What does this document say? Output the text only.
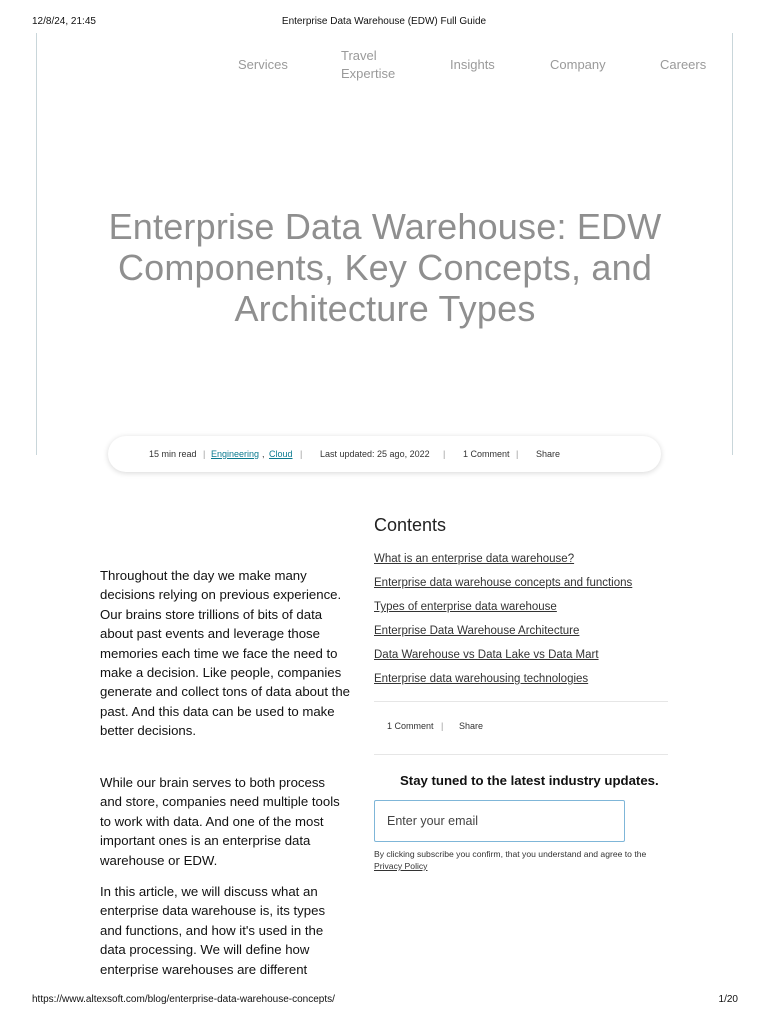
12/8/24, 21:45	Enterprise Data Warehouse (EDW) Full Guide
Services
Travel Expertise
Insights	Company	Careers
Enterprise Data Warehouse: EDW Components, Key Concepts, and Architecture Types
15 min read | Engineering , Cloud | Last updated: 25 ago, 2022 | 1 Comment | Share

Throughout the day we make many decisions relying on previous experience. Our brains store trillions of bits of data about past events and leverage those memories each time we face the need to make a decision. Like people, companies generate and collect tons of data about the past. And this data can be used to make better decisions.

While our brain serves to both process and store, companies need multiple tools to work with data. And one of the most important ones is an enterprise data warehouse or EDW.

In this article, we will discuss what an enterprise data warehouse is, its types and functions, and how it's used in the data processing. We will define how enterprise warehouses are different

Contents
What is an enterprise data warehouse?
Enterprise data warehouse concepts and functions
Types of enterprise data warehouse
Enterprise Data Warehouse Architecture
Data Warehouse vs Data Lake vs Data Mart
Enterprise data warehousing technologies
1 Comment | Share
Stay tuned to the latest industry updates.
Enter your email
By clicking subscribe you confirm, that you understand and agree to the Privacy Policy
https://www.altexsoft.com/blog/enterprise-data-warehouse-concepts/	1/20
